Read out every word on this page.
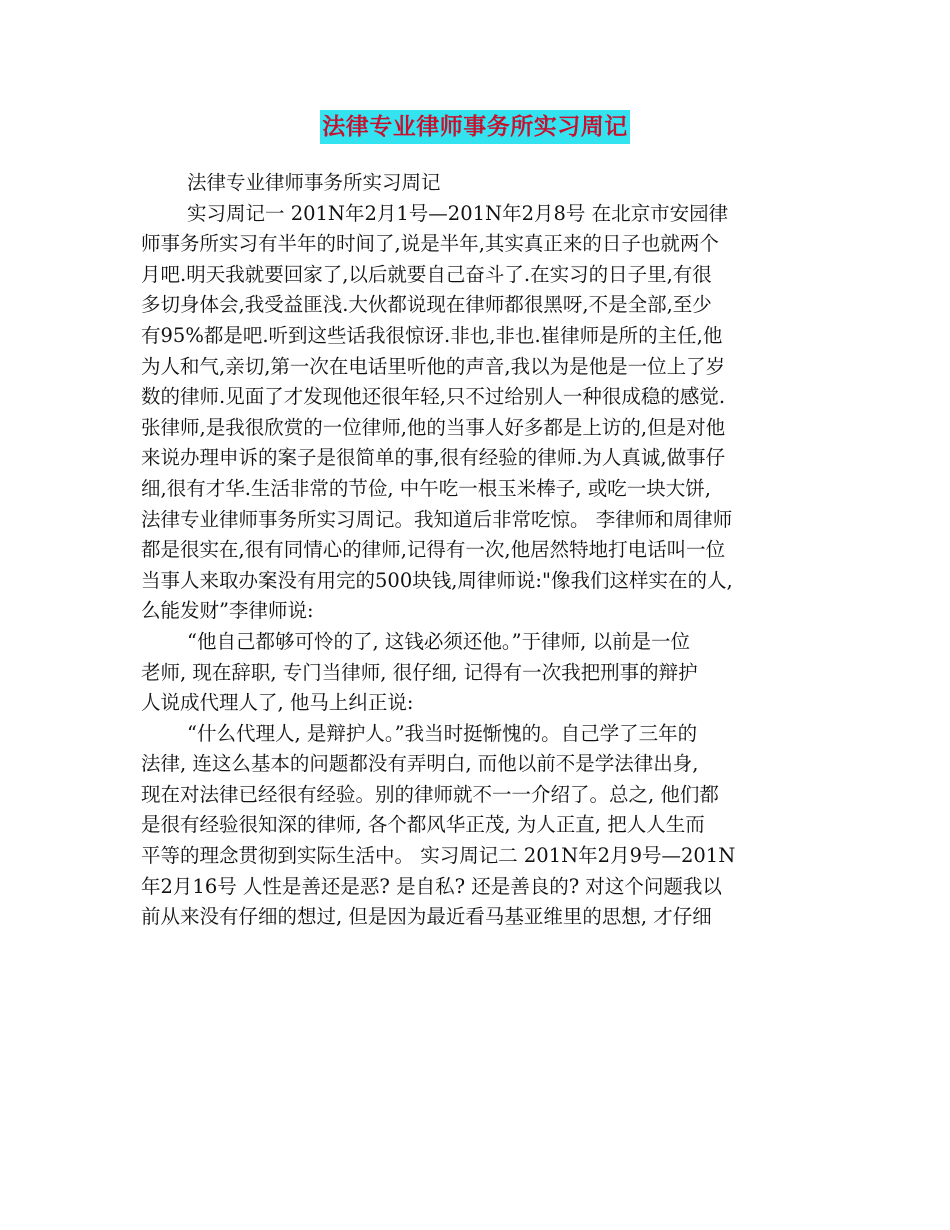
法律专业律师事务所实习周记
法律专业律师事务所实习周记
实习周记一 201N年2月1号—201N年2月8号 在北京市安园律
师事务所实习有半年的时间了,说是半年,其实真正来的日子也就两个
月吧.明天我就要回家了,以后就要自己奋斗了.在实习的日子里,有很
多切身体会,我受益匪浅.大伙都说现在律师都很黑呀,不是全部,至少
有95%都是吧.听到这些话我很惊讶.非也,非也.崔律师是所的主任,他
为人和气,亲切,第一次在电话里听他的声音,我以为是他是一位上了岁
数的律师.见面了才发现他还很年轻,只不过给别人一种很成稳的感觉.
张律师,是我很欣赏的一位律师,他的当事人好多都是上访的,但是对他
来说办理申诉的案子是很简单的事,很有经验的律师.为人真诚,做事仔
细,很有才华.生活非常的节俭, 中午吃一根玉米棒子, 或吃一块大饼,
法律专业律师事务所实习周记。我知道后非常吃惊。 李律师和周律师
都是很实在,很有同情心的律师,记得有一次,他居然特地打电话叫一位
当事人来取办案没有用完的500块钱,周律师说:"像我们这样实在的人,
么能发财”李律师说:
“他自己都够可怜的了, 这钱必须还他。”于律师, 以前是一位
老师, 现在辞职, 专门当律师, 很仔细, 记得有一次我把刑事的辩护
人说成代理人了, 他马上纠正说:
“什么代理人, 是辩护人。”我当时挺惭愧的。自己学了三年的
法律, 连这么基本的问题都没有弄明白, 而他以前不是学法律出身,
现在对法律已经很有经验。别的律师就不一一介绍了。总之, 他们都
是很有经验很知深的律师, 各个都风华正茂, 为人正直, 把人人生而
平等的理念贯彻到实际生活中。 实习周记二 201N年2月9号—201N
年2月16号 人性是善还是恶? 是自私? 还是善良的? 对这个问题我以
前从来没有仔细的想过, 但是因为最近看马基亚维里的思想, 才仔细
